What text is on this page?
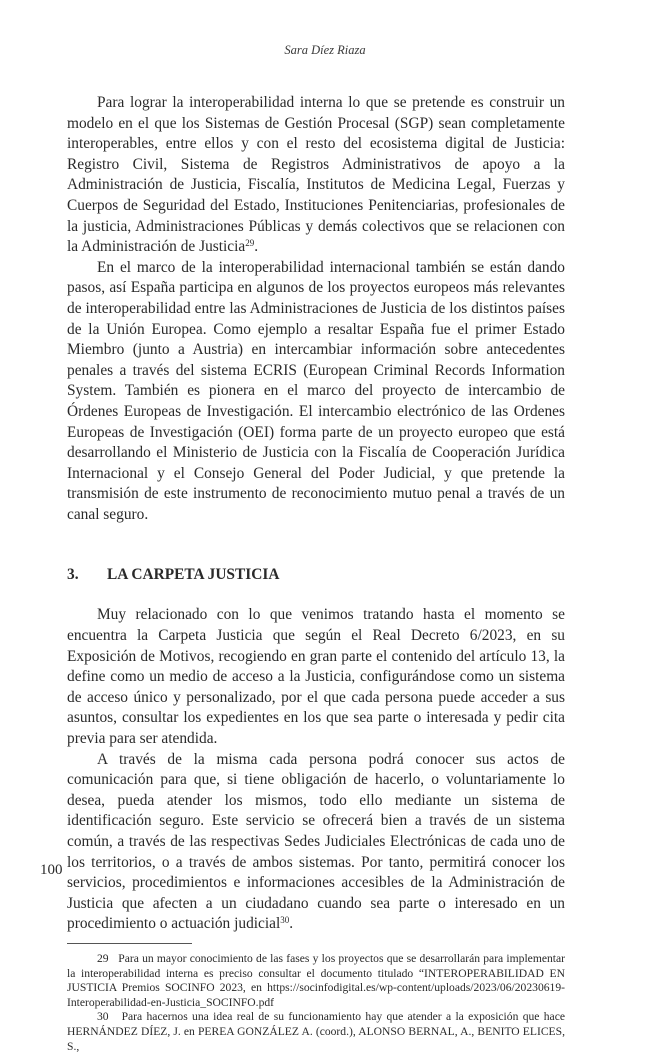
Sara Díez Riaza

Para lograr la interoperabilidad interna lo que se pretende es construir un modelo en el que los Sistemas de Gestión Procesal (SGP) sean completamente interoperables, entre ellos y con el resto del ecosistema digital de Justicia: Registro Civil, Sistema de Registros Administrativos de apoyo a la Administración de Justicia, Fiscalía, Institutos de Medicina Legal, Fuerzas y Cuerpos de Seguridad del Estado, Instituciones Penitenciarias, profesionales de la justicia, Administraciones Públicas y demás colectivos que se relacionen con la Administración de Justicia$^{29}$.

En el marco de la interoperabilidad internacional también se están dando pasos, así España participa en algunos de los proyectos europeos más relevantes de interoperabilidad entre las Administraciones de Justicia de los distintos países de la Unión Europea. Como ejemplo a resaltar España fue el primer Estado Miembro (junto a Austria) en intercambiar información sobre antecedentes penales a través del sistema ECRIS (European Criminal Records Information System. También es pionera en el marco del proyecto de intercambio de Órdenes Europeas de Investigación. El intercambio electrónico de las Ordenes Europeas de Investigación (OEI) forma parte de un proyecto europeo que está desarrollando el Ministerio de Justicia con la Fiscalía de Cooperación Jurídica Internacional y el Consejo General del Poder Judicial, y que pretende la transmisión de este instrumento de reconocimiento mutuo penal a través de un canal seguro.

3.	LA CARPETA JUSTICIA

Muy relacionado con lo que venimos tratando hasta el momento se encuentra la Carpeta Justicia que según el Real Decreto 6/2023, en su Exposición de Motivos, recogiendo en gran parte el contenido del artículo 13, la define como un medio de acceso a la Justicia, configurándose como un sistema de acceso único y personalizado, por el que cada persona puede acceder a sus asuntos, consultar los expedientes en los que sea parte o interesada y pedir cita previa para ser atendida.

A través de la misma cada persona podrá conocer sus actos de comunicación para que, si tiene obligación de hacerlo, o voluntariamente lo desea, pueda atender los mismos, todo ello mediante un sistema de identificación seguro. Este servicio se ofrecerá bien a través de un sistema común, a través de las respectivas Sedes Judiciales Electrónicas de cada uno de los territorios, o a través de ambos sistemas. Por tanto, permitirá conocer los servicios, procedimientos e informaciones accesibles de la Administración de Justicia que afecten a un ciudadano cuando sea parte o interesado en un procedimiento o actuación judicial$^{30}$.

29 Para un mayor conocimiento de las fases y los proyectos que se desarrollarán para implementar la interoperabilidad interna es preciso consultar el documento titulado “INTEROPERABILIDAD EN JUSTICIA Premios SOCINFO 2023, en https://socinfodigital.es/wp-content/uploads/2023/06/20230619-Interoperabilidad-en-Justicia_SOCINFO.pdf

30 Para hacernos una idea real de su funcionamiento hay que atender a la exposición que hace HERNÁNDEZ DÍEZ, J. en PEREA GONZÁLEZ A. (coord.), ALONSO BERNAL, A., BENITO ELICES, S.,

100
